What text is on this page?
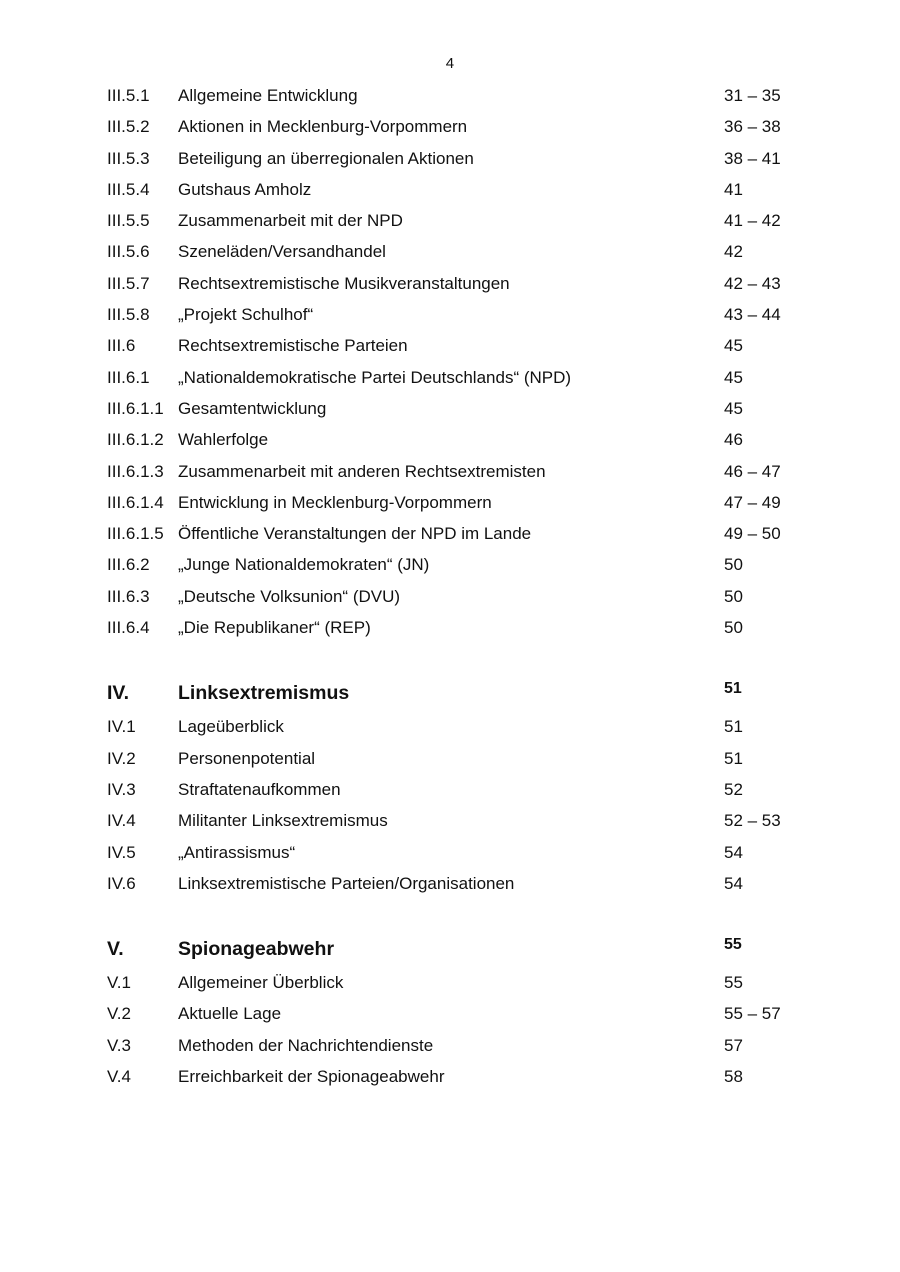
4
III.5.1 Allgemeine Entwicklung	31 – 35
III.5.2 Aktionen in Mecklenburg-Vorpommern	36 – 38
III.5.3 Beteiligung an überregionalen Aktionen	38 – 41
III.5.4 Gutshaus Amholz	41
III.5.5 Zusammenarbeit mit der NPD	41 – 42
III.5.6 Szeneläden/Versandhandel	42
III.5.7 Rechtsextremistische Musikveranstaltungen	42 – 43
III.5.8 „Projekt Schulhof“	43 – 44
III.6	Rechtsextremistische Parteien	45
III.6.1 „Nationaldemokratische Partei Deutschlands“ (NPD)	45
III.6.1.1 Gesamtentwicklung	45
III.6.1.2 Wahlerfolge	46
III.6.1.3 Zusammenarbeit mit anderen Rechtsextremisten	46 – 47
III.6.1.4 Entwicklung in Mecklenburg-Vorpommern	47 – 49
III.6.1.5 Öffentliche Veranstaltungen der NPD im Lande	49 – 50
III.6.2 „Junge Nationaldemokraten“ (JN)	50
III.6.3 „Deutsche Volksunion“ (DVU)	50
III.6.4 „Die Republikaner“ (REP)	50
IV.	Linksextremismus	51
IV.1 Lageüberblick	51
IV.2 Personenpotential	51
IV.3 Straftatenaufkommen	52
IV.4 Militanter Linksextremismus	52 – 53
IV.5 „Antirassismus“	54
IV.6 Linksextremistische Parteien/Organisationen	54
V.	Spionageabwehr	55
V.1	Allgemeiner Überblick	55
V.2	Aktuelle Lage	55 – 57
V.3	Methoden der Nachrichtendienste	57
V.4	Erreichbarkeit der Spionageabwehr	58
